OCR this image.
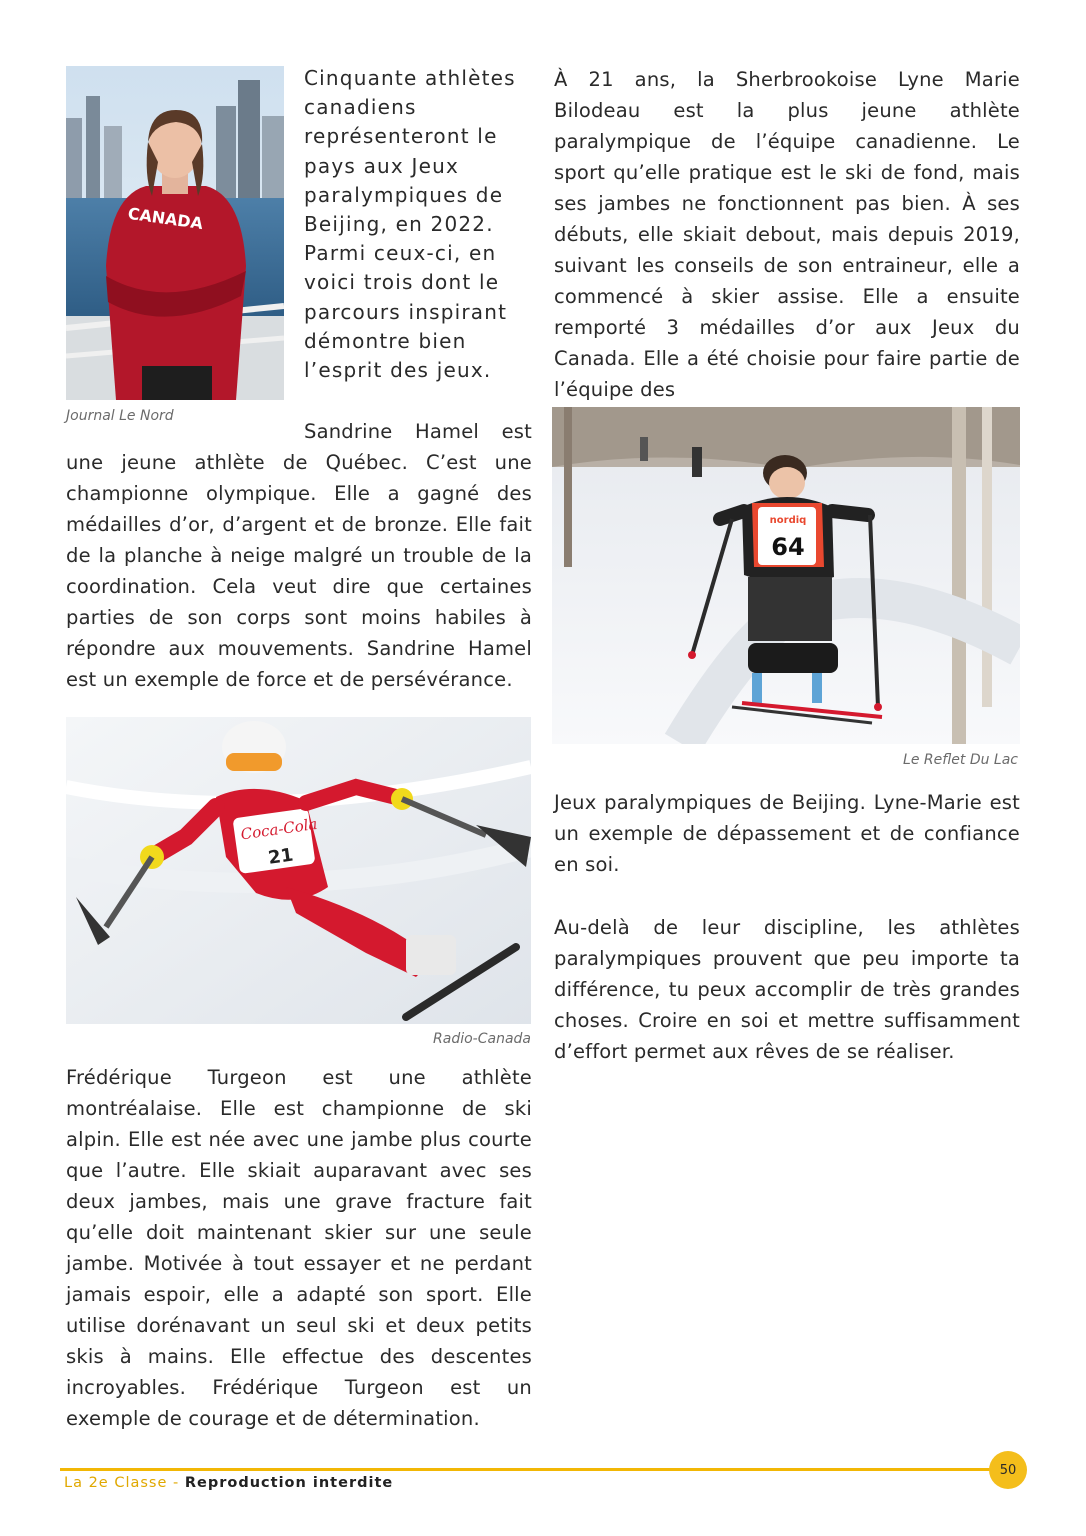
CANADA
Journal Le Nord

Cinquante athlètes canadiens représenteront le pays aux Jeux paralympiques de Beijing, en 2022. Parmi ceux-ci, en voici trois dont le parcours inspirant démontre bien l’esprit des jeux.

Sandrine Hamel est une jeune athlète de Québec. C’est une championne olympique. Elle a gagné des médailles d’or, d’argent et de bronze. Elle fait de la planche à neige malgré un trouble de la coordination. Cela veut dire que certaines parties de son corps sont moins habiles à répondre aux mouvements. Sandrine Hamel est un exemple de force et de persévérance.

Coca-Cola
21
Radio-Canada

Frédérique Turgeon est une athlète montréalaise. Elle est championne de ski alpin. Elle est née avec une jambe plus courte que l’autre. Elle skiait auparavant avec ses deux jambes, mais une grave fracture fait qu’elle doit maintenant skier sur une seule jambe. Motivée à tout essayer et ne perdant jamais espoir, elle a adapté son sport. Elle utilise dorénavant un seul ski et deux petits skis à mains. Elle effectue des descentes incroyables. Frédérique Turgeon est un exemple de courage et de détermination.

À 21 ans, la Sherbrookoise Lyne Marie Bilodeau est la plus jeune athlète paralympique de l’équipe canadienne. Le sport qu’elle pratique est le ski de fond, mais ses jambes ne fonctionnent pas bien. À ses débuts, elle skiait debout, mais depuis 2019, suivant les conseils de son entraineur, elle a commencé à skier assise. Elle a ensuite remporté 3 médailles d’or aux Jeux du Canada. Elle a été choisie pour faire partie de l’équipe des

nordiq
64
Le Reflet Du Lac

Jeux paralympiques de Beijing. Lyne-Marie est un exemple de dépassement et de confiance en soi.

Au-delà de leur discipline, les athlètes paralympiques prouvent que peu importe ta différence, tu peux accomplir de très grandes choses. Croire en soi et mettre suffisamment d’effort permet aux rêves de se réaliser.

50
La 2e Classe - Reproduction interdite
